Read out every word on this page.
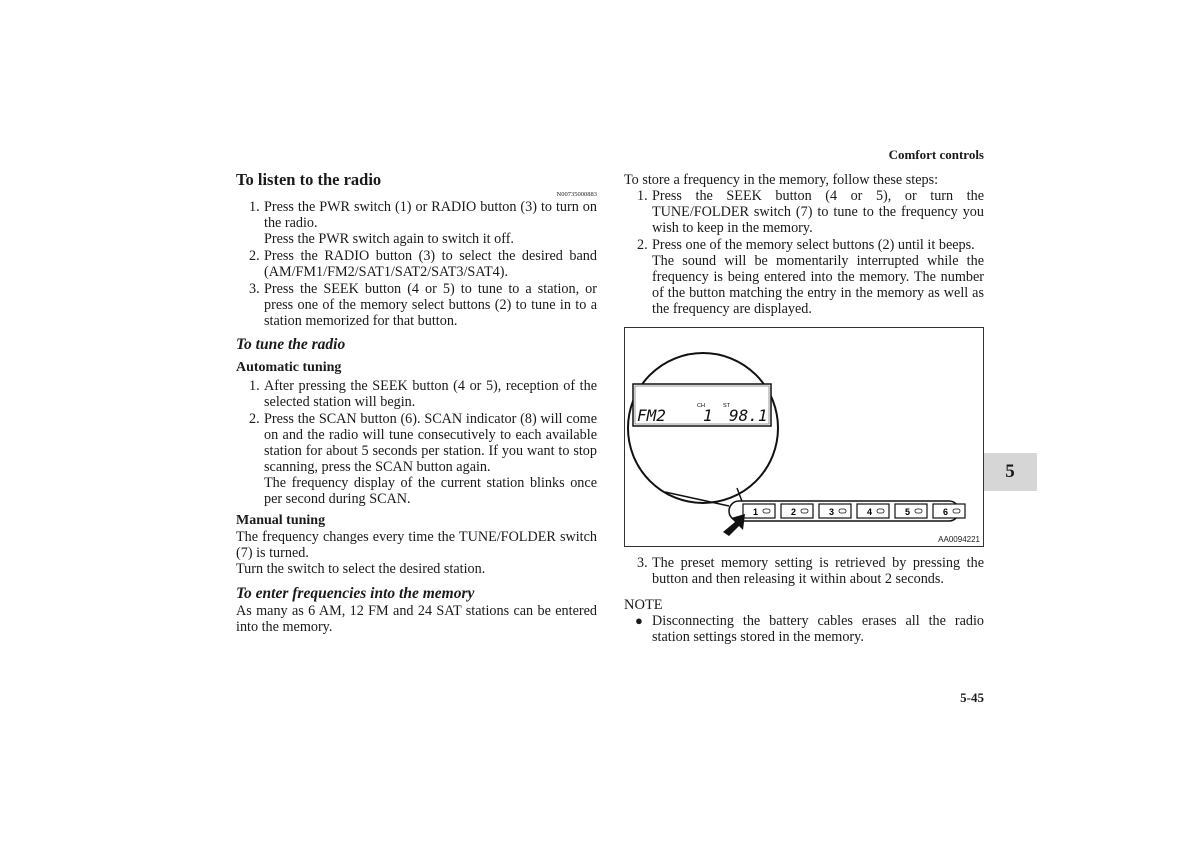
Comfort controls
5
5-45
To listen to the radio
N00735000883
1. Press the PWR switch (1) or RADIO button (3) to turn on the radio.
Press the PWR switch again to switch it off.
2. Press the RADIO button (3) to select the desired band (AM/FM1/FM2/SAT1/SAT2/SAT3/SAT4).
3. Press the SEEK button (4 or 5) to tune to a station, or press one of the memory select buttons (2) to tune in to a station memorized for that button.
To tune the radio
Automatic tuning
1. After pressing the SEEK button (4 or 5), reception of the selected station will begin.
2. Press the SCAN button (6). SCAN indicator (8) will come on and the radio will tune consecutively to each available station for about 5 seconds per station. If you want to stop scanning, press the SCAN button again.
The frequency display of the current station blinks once per second during SCAN.
Manual tuning

The frequency changes every time the TUNE/FOLDER switch (7) is turned.

Turn the switch to select the desired station.

To enter frequencies into the memory

As many as 6 AM, 12 FM and 24 SAT stations can be entered into the memory.

To store a frequency in the memory, follow these steps:

1. Press the SEEK button (4 or 5), or turn the TUNE/FOLDER switch (7) to tune to the frequency you wish to keep in the memory.
2. Press one of the memory select buttons (2) until it beeps.
The sound will be momentarily interrupted while the frequency is being entered into the memory. The number of the button matching the entry in the memory as well as the frequency are displayed.
CH	ST
FM2 1 98.1
1	2	3	4	5	6
AA0094221
3. The preset memory setting is retrieved by pressing the button and then releasing it within about 2 seconds.
NOTE
● Disconnecting the battery cables erases all the radio station settings stored in the memory.
